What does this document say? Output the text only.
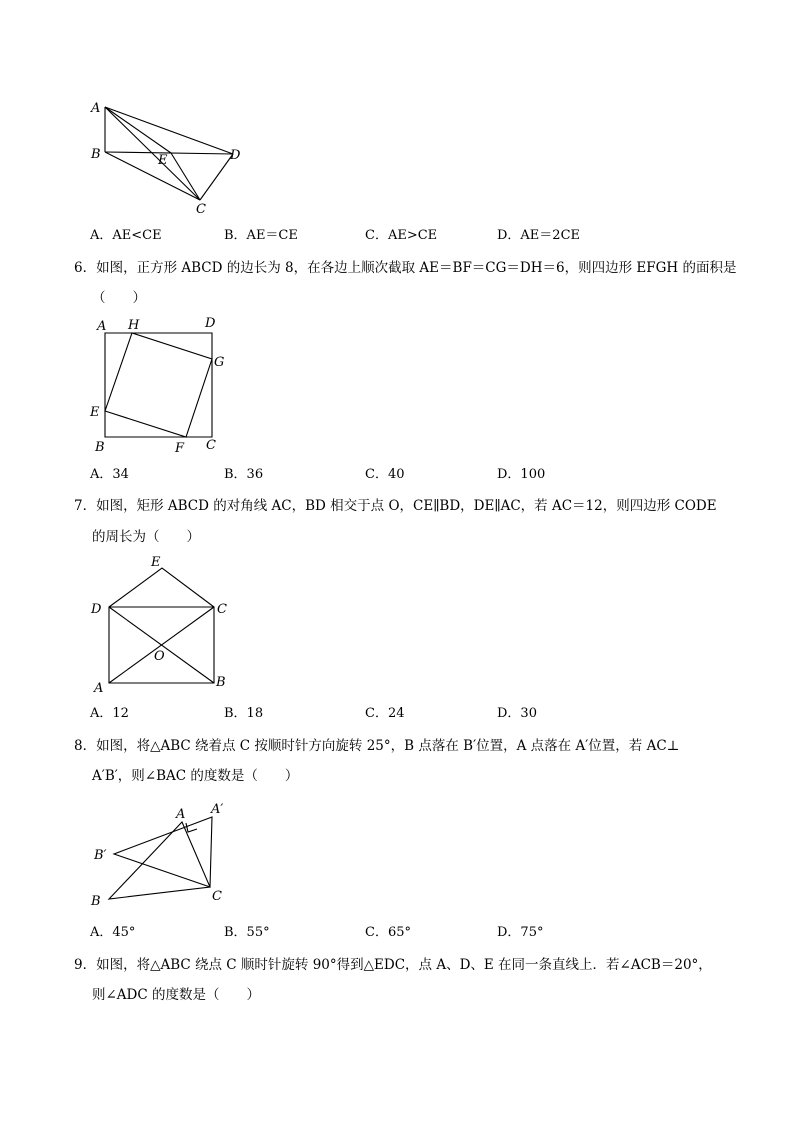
A
B	E	D
C
A．AE<CE	B．AE＝CE	C．AE>CE	D．AE＝2CE
6．如图，正方形 ABCD 的边长为 8，在各边上顺次截取 AE＝BF＝CG＝DH＝6，则四边形 EFGH 的面积是
（　　）
A H	D
G
E
B	F C
A．34	B．36	C．40	D．100
7．如图，矩形 ABCD 的对角线 AC，BD 相交于点 O，CE∥BD，DE∥AC，若 AC＝12，则四边形 CODE
的周长为（　　）
E
D	C
O
A	B
A．12	B．18	C．24	D．30
8．如图，将△ABC 绕着点 C 按顺时针方向旋转 25°，B 点落在 B′位置，A 点落在 A′位置，若 AC⊥
A′B′，则∠BAC 的度数是（　　）
A A′
B′
B	C
A．45°	B．55°	C．65°	D．75°
9．如图，将△ABC 绕点 C 顺时针旋转 90°得到△EDC，点 A、D、E 在同一条直线上．若∠ACB＝20°，
则∠ADC 的度数是（　　）
